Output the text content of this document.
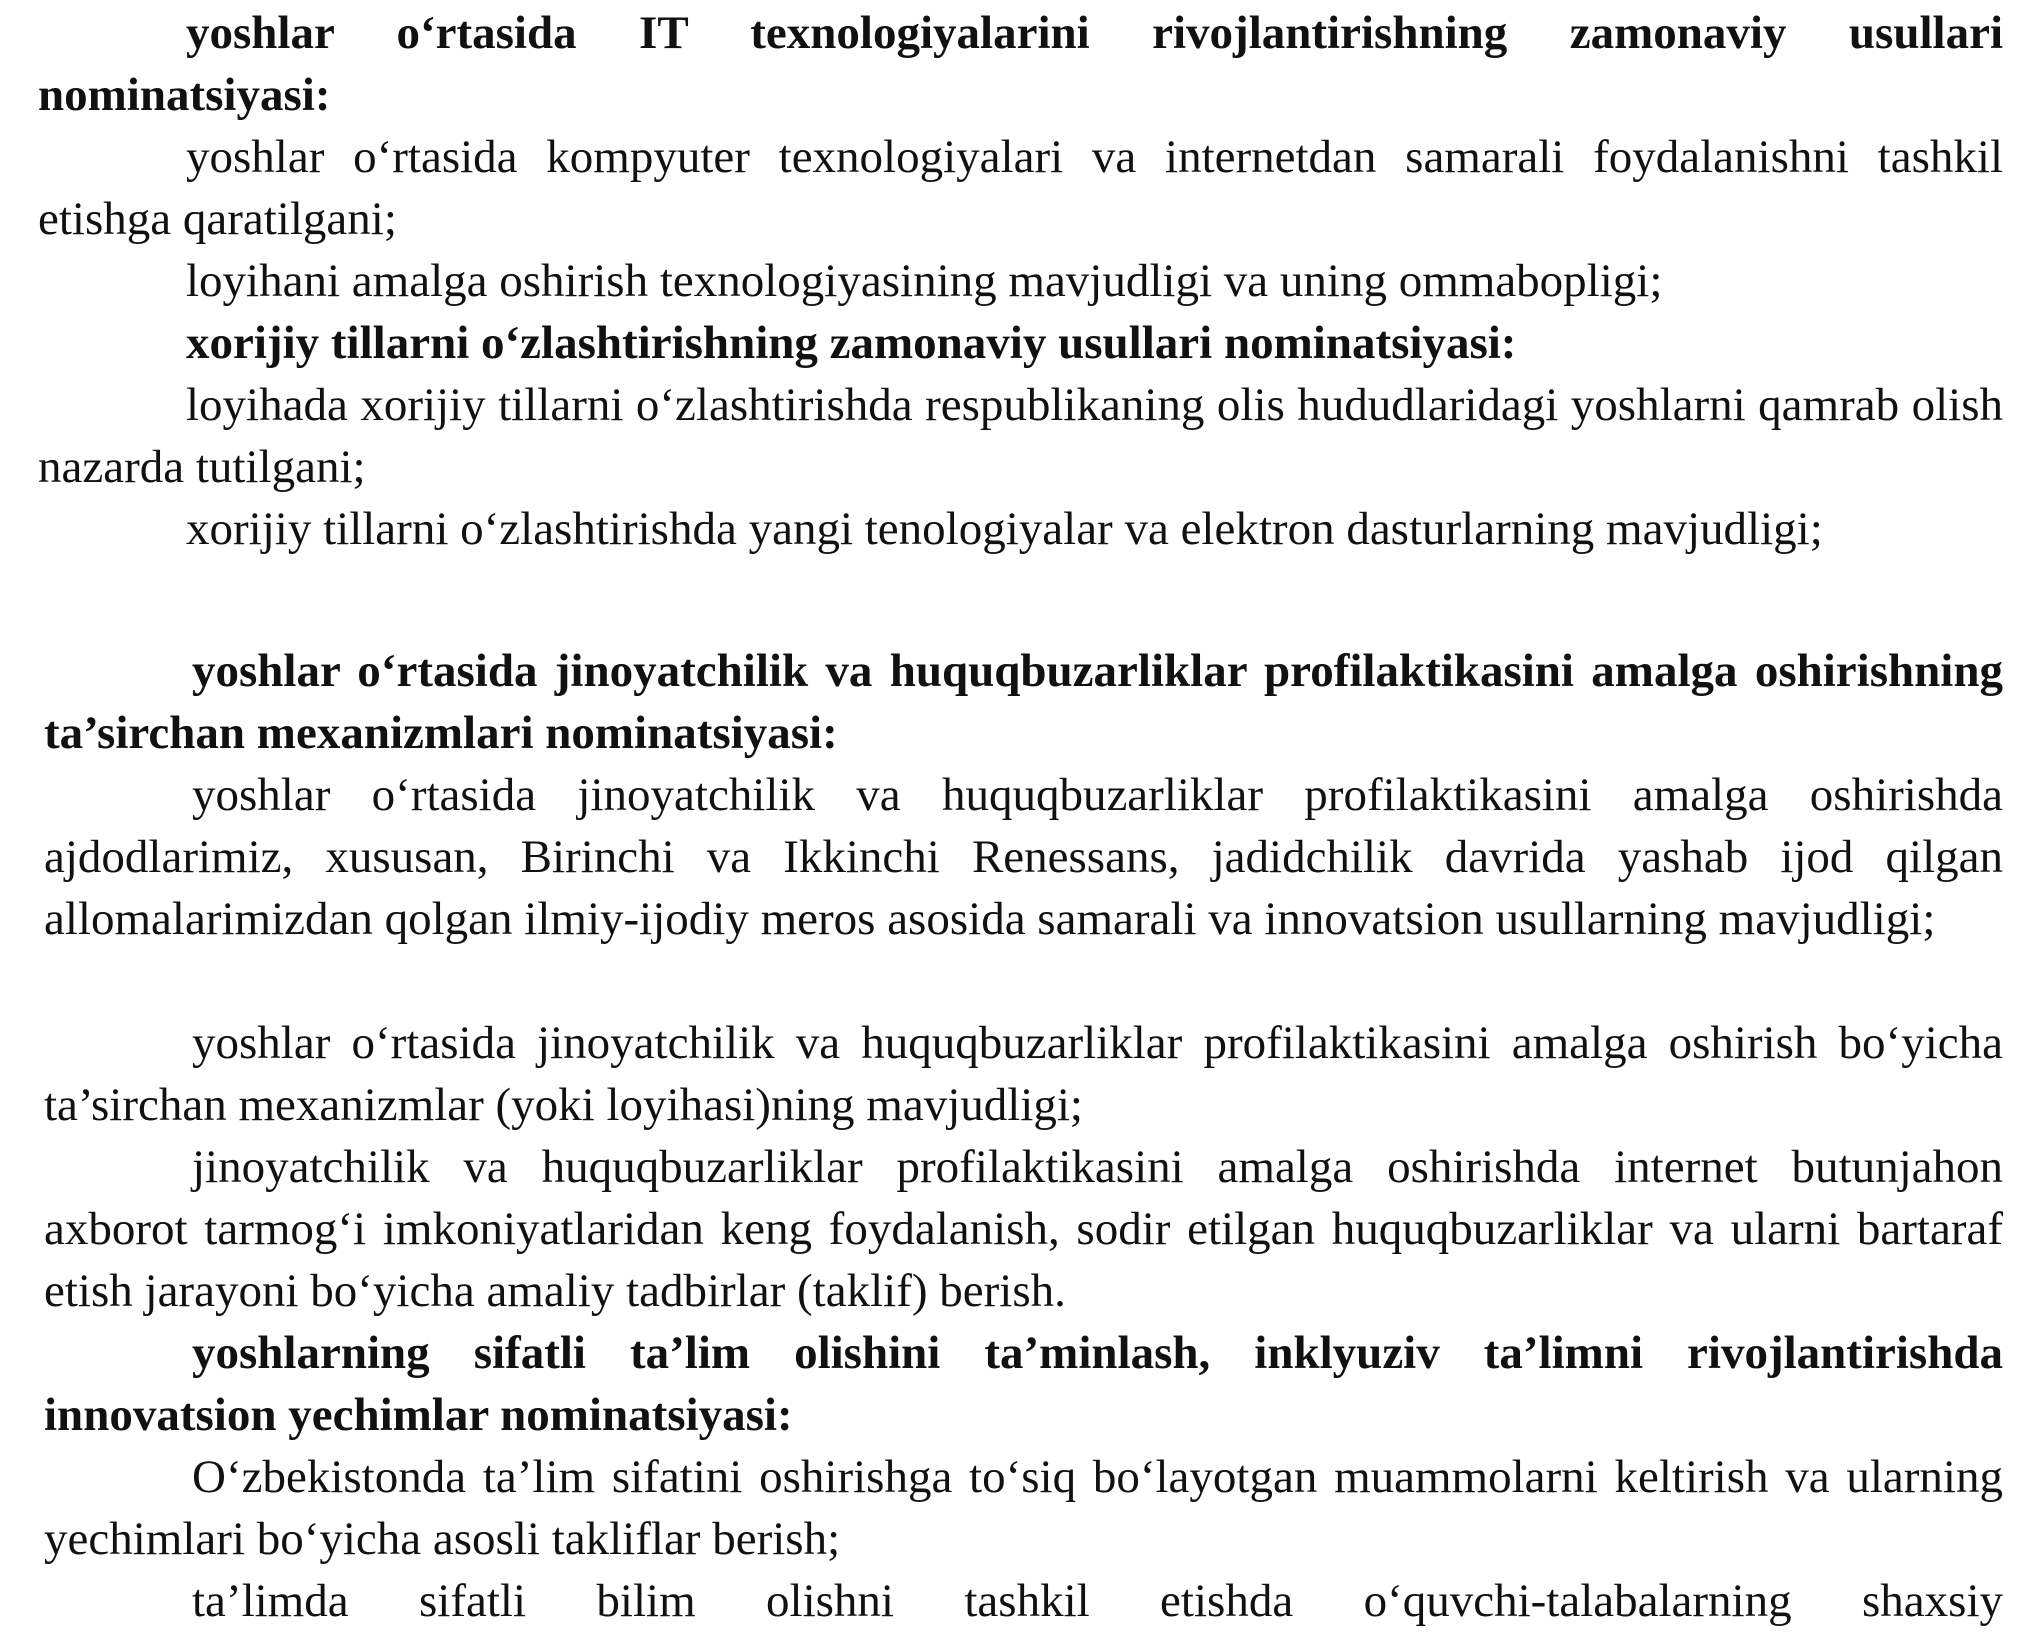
yoshlar o‘rtasida IT texnologiyalarini rivojlantirishning zamonaviy usullari nominatsiyasi:

yoshlar o‘rtasida kompyuter texnologiyalari va internetdan samarali foydalanishni tashkil etishga qaratilgani;

loyihani amalga oshirish texnologiyasining mavjudligi va uning ommabopligi;

xorijiy tillarni o‘zlashtirishning zamonaviy usullari nominatsiyasi:

loyihada xorijiy tillarni o‘zlashtirishda respublikaning olis hududlaridagi yoshlarni qamrab olish nazarda tutilgani;

xorijiy tillarni o‘zlashtirishda yangi tenologiyalar va elektron dasturlarning mavjudligi;

yoshlar o‘rtasida jinoyatchilik va huquqbuzarliklar profilaktikasini amalga oshirishning ta’sirchan mexanizmlari nominatsiyasi:

yoshlar o‘rtasida jinoyatchilik va huquqbuzarliklar profilaktikasini amalga oshirishda ajdodlarimiz, xususan, Birinchi va Ikkinchi Renessans, jadidchilik davrida yashab ijod qilgan allomalarimizdan qolgan ilmiy-ijodiy meros asosida samarali va innovatsion usullarning mavjudligi;

yoshlar o‘rtasida jinoyatchilik va huquqbuzarliklar profilaktikasini amalga oshirish bo‘yicha ta’sirchan mexanizmlar (yoki loyihasi)ning mavjudligi;

jinoyatchilik va huquqbuzarliklar profilaktikasini amalga oshirishda internet butunjahon axborot tarmog‘i imkoniyatlaridan keng foydalanish, sodir etilgan huquqbuzarliklar va ularni bartaraf etish jarayoni bo‘yicha amaliy tadbirlar (taklif) berish.

yoshlarning sifatli ta’lim olishini ta’minlash, inklyuziv ta’limni rivojlantirishda innovatsion yechimlar nominatsiyasi:

O‘zbekistonda ta’lim sifatini oshirishga to‘siq bo‘layotgan muammolarni keltirish va ularning yechimlari bo‘yicha asosli takliflar berish;

ta’limda sifatli bilim olishni tashkil etishda o‘quvchi-talabalarning shaxsiy
